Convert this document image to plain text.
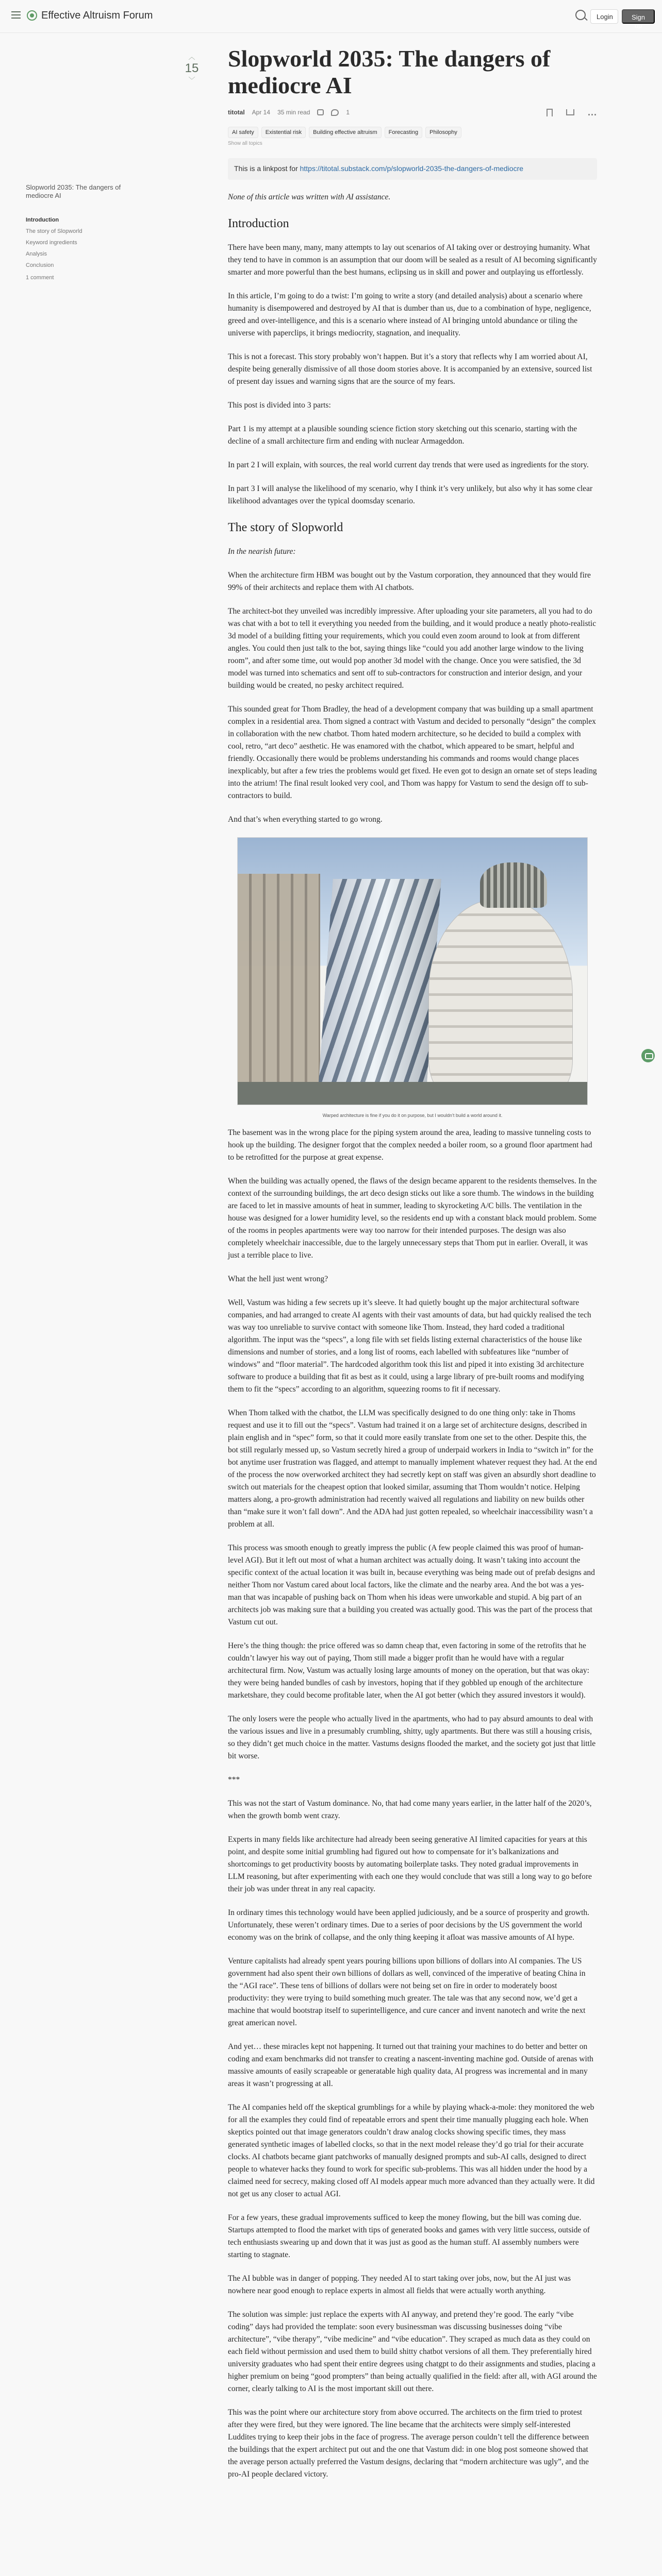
Effective Altruism Forum	Login	Sign up
Slopworld 2035: The dangers of mediocre AI
Introduction
The story of Slopworld
Keyword ingredients
Analysis
Conclusion
1 comment
︿
15
﹀
Slopworld 2035: The dangers of mediocre AI
titotal Apr 14 35 min read	1	...
AI safety	Existential risk	Building effective altruism	Forecasting	Philosophy
Show all topics
This is a linkpost for https://titotal.substack.com/p/slopworld-2035-the-dangers-of-mediocre

None of this article was written with AI assistance.

Introduction

There have been many, many, many attempts to lay out scenarios of AI taking over or destroying humanity. What they tend to have in common is an assumption that our doom will be sealed as a result of AI becoming significantly smarter and more powerful than the best humans, eclipsing us in skill and power and outplaying us effortlessly.

In this article, I’m going to do a twist: I’m going to write a story (and detailed analysis) about a scenario where humanity is disempowered and destroyed by AI that is dumber than us, due to a combination of hype, negligence, greed and over-intelligence, and this is a scenario where instead of AI bringing untold abundance or tiling the universe with paperclips, it brings mediocrity, stagnation, and inequality.

This is not a forecast. This story probably won’t happen. But it’s a story that reflects why I am worried about AI, despite being generally dismissive of all those doom stories above. It is accompanied by an extensive, sourced list of present day issues and warning signs that are the source of my fears.

This post is divided into 3 parts:

Part 1 is my attempt at a plausible sounding science fiction story sketching out this scenario, starting with the decline of a small architecture firm and ending with nuclear Armageddon.

In part 2 I will explain, with sources, the real world current day trends that were used as ingredients for the story.

In part 3 I will analyse the likelihood of my scenario, why I think it’s very unlikely, but also why it has some clear likelihood advantages over the typical doomsday scenario.

The story of Slopworld

In the nearish future:

When the architecture firm HBM was bought out by the Vastum corporation, they announced that they would fire 99% of their architects and replace them with AI chatbots.

The architect-bot they unveiled was incredibly impressive. After uploading your site parameters, all you had to do was chat with a bot to tell it everything you needed from the building, and it would produce a neatly photo-realistic 3d model of a building fitting your requirements, which you could even zoom around to look at from different angles. You could then just talk to the bot, saying things like “could you add another large window to the living room”, and after some time, out would pop another 3d model with the change. Once you were satisfied, the 3d model was turned into schematics and sent off to sub-contractors for construction and interior design, and your building would be created, no pesky architect required.

This sounded great for Thom Bradley, the head of a development company that was building up a small apartment complex in a residential area. Thom signed a contract with Vastum and decided to personally “design” the complex in collaboration with the new chatbot. Thom hated modern architecture, so he decided to build a complex with cool, retro, “art deco” aesthetic. He was enamored with the chatbot, which appeared to be smart, helpful and friendly. Occasionally there would be problems understanding his commands and rooms would change places inexplicably, but after a few tries the problems would get fixed. He even got to design an ornate set of steps leading into the atrium! The final result looked very cool, and Thom was happy for Vastum to send the design off to sub-contractors to build.

And that’s when everything started to go wrong.

Warped architecture is fine if you do it on purpose, but I wouldn’t build a world around it.

The basement was in the wrong place for the piping system around the area, leading to massive tunneling costs to hook up the building. The designer forgot that the complex needed a boiler room, so a ground floor apartment had to be retrofitted for the purpose at great expense.

When the building was actually opened, the flaws of the design became apparent to the residents themselves. In the context of the surrounding buildings, the art deco design sticks out like a sore thumb. The windows in the building are faced to let in massive amounts of heat in summer, leading to skyrocketing A/C bills. The ventilation in the house was designed for a lower humidity level, so the residents end up with a constant black mould problem. Some of the rooms in peoples apartments were way too narrow for their intended purposes. The design was also completely wheelchair inaccessible, due to the largely unnecessary steps that Thom put in earlier. Overall, it was just a terrible place to live.

What the hell just went wrong?

Well, Vastum was hiding a few secrets up it’s sleeve. It had quietly bought up the major architectural software companies, and had arranged to create AI agents with their vast amounts of data, but had quickly realised the tech was way too unreliable to survive contact with someone like Thom. Instead, they hard coded a traditional algorithm. The input was the “specs”, a long file with set fields listing external characteristics of the house like dimensions and number of stories, and a long list of rooms, each labelled with subfeatures like “number of windows” and “floor material”. The hardcoded algorithm took this list and piped it into existing 3d architecture software to produce a building that fit as best as it could, using a large library of pre-built rooms and modifying them to fit the “specs” according to an algorithm, squeezing rooms to fit if necessary.

When Thom talked with the chatbot, the LLM was specifically designed to do one thing only: take in Thoms request and use it to fill out the “specs”. Vastum had trained it on a large set of architecture designs, described in plain english and in “spec” form, so that it could more easily translate from one set to the other. Despite this, the bot still regularly messed up, so Vastum secretly hired a group of underpaid workers in India to “switch in” for the bot anytime user frustration was flagged, and attempt to manually implement whatever request they had. At the end of the process the now overworked architect they had secretly kept on staff was given an absurdly short deadline to switch out materials for the cheapest option that looked similar, assuming that Thom wouldn’t notice. Helping matters along, a pro-growth administration had recently waived all regulations and liability on new builds other than “make sure it won’t fall down”. And the ADA had just gotten repealed, so wheelchair inaccessibility wasn’t a problem at all.

This process was smooth enough to greatly impress the public (A few people claimed this was proof of human-level AGI). But it left out most of what a human architect was actually doing. It wasn’t taking into account the specific context of the actual location it was built in, because everything was being made out of prefab designs and neither Thom nor Vastum cared about local factors, like the climate and the nearby area. And the bot was a yes-man that was incapable of pushing back on Thom when his ideas were unworkable and stupid. A big part of an architects job was making sure that a building you created was actually good. This was the part of the process that Vastum cut out.

Here’s the thing though: the price offered was so damn cheap that, even factoring in some of the retrofits that he couldn’t lawyer his way out of paying, Thom still made a bigger profit than he would have with a regular architectural firm. Now, Vastum was actually losing large amounts of money on the operation, but that was okay: they were being handed bundles of cash by investors, hoping that if they gobbled up enough of the architecture marketshare, they could become profitable later, when the AI got better (which they assured investors it would).

The only losers were the people who actually lived in the apartments, who had to pay absurd amounts to deal with the various issues and live in a presumably crumbling, shitty, ugly apartments. But there was still a housing crisis, so they didn’t get much choice in the matter. Vastums designs flooded the market, and the society got just that little bit worse.

***

This was not the start of Vastum dominance. No, that had come many years earlier, in the latter half of the 2020’s, when the growth bomb went crazy.

Experts in many fields like architecture had already been seeing generative AI limited capacities for years at this point, and despite some initial grumbling had figured out how to compensate for it’s balkanizations and shortcomings to get productivity boosts by automating boilerplate tasks. They noted gradual improvements in LLM reasoning, but after experimenting with each one they would conclude that was still a long way to go before their job was under threat in any real capacity.

In ordinary times this technology would have been applied judiciously, and be a source of prosperity and growth. Unfortunately, these weren’t ordinary times. Due to a series of poor decisions by the US government the world economy was on the brink of collapse, and the only thing keeping it afloat was massive amounts of AI hype.

Venture capitalists had already spent years pouring billions upon billions of dollars into AI companies. The US government had also spent their own billions of dollars as well, convinced of the imperative of beating China in the “AGI race”. These tens of billions of dollars were not being set on fire in order to moderately boost productivity: they were trying to build something much greater. The tale was that any second now, we’d get a machine that would bootstrap itself to superintelligence, and cure cancer and invent nanotech and write the next great american novel.

And yet… these miracles kept not happening. It turned out that training your machines to do better and better on coding and exam benchmarks did not transfer to creating a nascent-inventing machine god. Outside of arenas with massive amounts of easily scrapeable or generatable high quality data, AI progress was incremental and in many areas it wasn’t progressing at all.

The AI companies held off the skeptical grumblings for a while by playing whack-a-mole: they monitored the web for all the examples they could find of repeatable errors and spent their time manually plugging each hole. When skeptics pointed out that image generators couldn’t draw analog clocks showing specific times, they mass generated synthetic images of labelled clocks, so that in the next model release they’d go trial for their accurate clocks. AI chatbots became giant patchworks of manually designed prompts and sub-AI calls, designed to direct people to whatever hacks they found to work for specific sub-problems. This was all hidden under the hood by a claimed need for secrecy, making closed off AI models appear much more advanced than they actually were. It did not get us any closer to actual AGI.

For a few years, these gradual improvements sufficed to keep the money flowing, but the bill was coming due. Startups attempted to flood the market with tips of generated books and games with very little success, outside of tech enthusiasts swearing up and down that it was just as good as the human stuff. AI assembly numbers were starting to stagnate.

The AI bubble was in danger of popping. They needed AI to start taking over jobs, now, but the AI just was nowhere near good enough to replace experts in almost all fields that were actually worth anything.

The solution was simple: just replace the experts with AI anyway, and pretend they’re good. The early “vibe coding” days had provided the template: soon every businessman was discussing businesses doing “vibe architecture”, “vibe therapy”, “vibe medicine” and “vibe education”. They scraped as much data as they could on each field without permission and used them to build shitty chatbot versions of all them. They preferentially hired university graduates who had spent their entire degrees using chatgpt to do their assignments and studies, placing a higher premium on being “good prompters” than being actually qualified in the field: after all, with AGI around the corner, clearly talking to AI is the most important skill out there.

This was the point where our architecture story from above occurred. The architects on the firm tried to protest after they were fired, but they were ignored. The line became that the architects were simply self-interested Luddites trying to keep their jobs in the face of progress. The average person couldn’t tell the difference between the buildings that the expert architect put out and the one that Vastum did: in one blog post someone showed that the average person actually preferred the Vastum designs, declaring that “modern architecture was ugly”, and the pro-AI people declared victory.
